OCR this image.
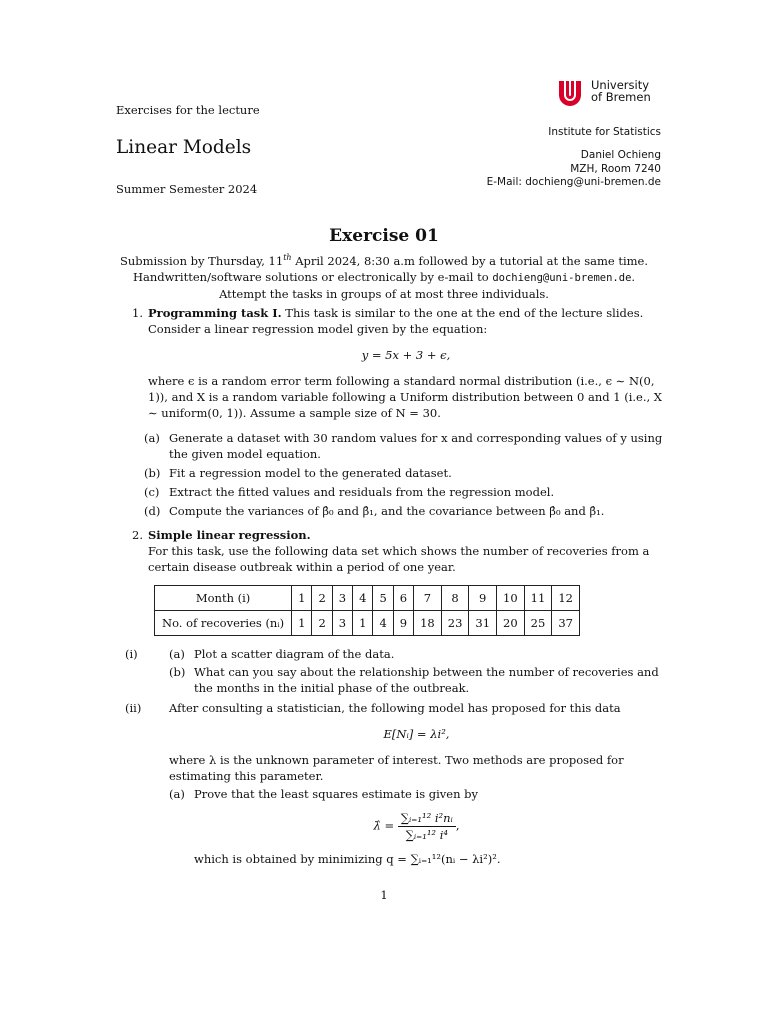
Exercises for the lecture
Linear Models
Summer Semester 2024
University
of Bremen
Institute for Statistics
Daniel Ochieng
MZH, Room 7240
E-Mail: dochieng@uni-bremen.de
Exercise 01
Submission by Thursday, 11th April 2024, 8:30 a.m followed by a tutorial at the same time.
Handwritten/software solutions or electronically by e-mail to dochieng@uni-bremen.de.
Attempt the tasks in groups of at most three individuals.
1. Programming task I. This task is similar to the one at the end of the lecture slides. Consider a linear regression model given by the equation:
y = 5x + 3 + ϵ,
where ϵ is a random error term following a standard normal distribution (i.e., ϵ ∼ N(0, 1)), and X is a random variable following a Uniform distribution between 0 and 1 (i.e., X ∼ uniform(0, 1)). Assume a sample size of N = 30.
(a) Generate a dataset with 30 random values for x and corresponding values of y using the given model equation.
(b) Fit a regression model to the generated dataset.
(c) Extract the fitted values and residuals from the regression model.
(d) Compute the variances of β̂₀ and β̂₁, and the covariance between β̂₀ and β̂₁.
2. Simple linear regression.
For this task, use the following data set which shows the number of recoveries from a certain disease outbreak within a period of one year.
Month (i)	1	2	3	4	5	6	7	8	9	10	11	12
No. of recoveries (nᵢ)	1	2	3	1	4	9	18	23	31	20	25	37
(i)	(a) Plot a scatter diagram of the data.
(b) What can you say about the relationship between the number of recoveries and the months in the initial phase of the outbreak.
(ii) After consulting a statistician, the following model has proposed for this data
E[Nᵢ] = λi²,
where λ is the unknown parameter of interest. Two methods are proposed for estimating this parameter.
(a) Prove that the least squares estimate is given by
λ̂ = $\frac{\text{∑ᵢ₌₁¹² i²nᵢ}}{\text{∑ᵢ₌₁¹² i⁴}}$ ,
which is obtained by minimizing q = ∑ᵢ₌₁¹²(nᵢ − λi²)².
1
